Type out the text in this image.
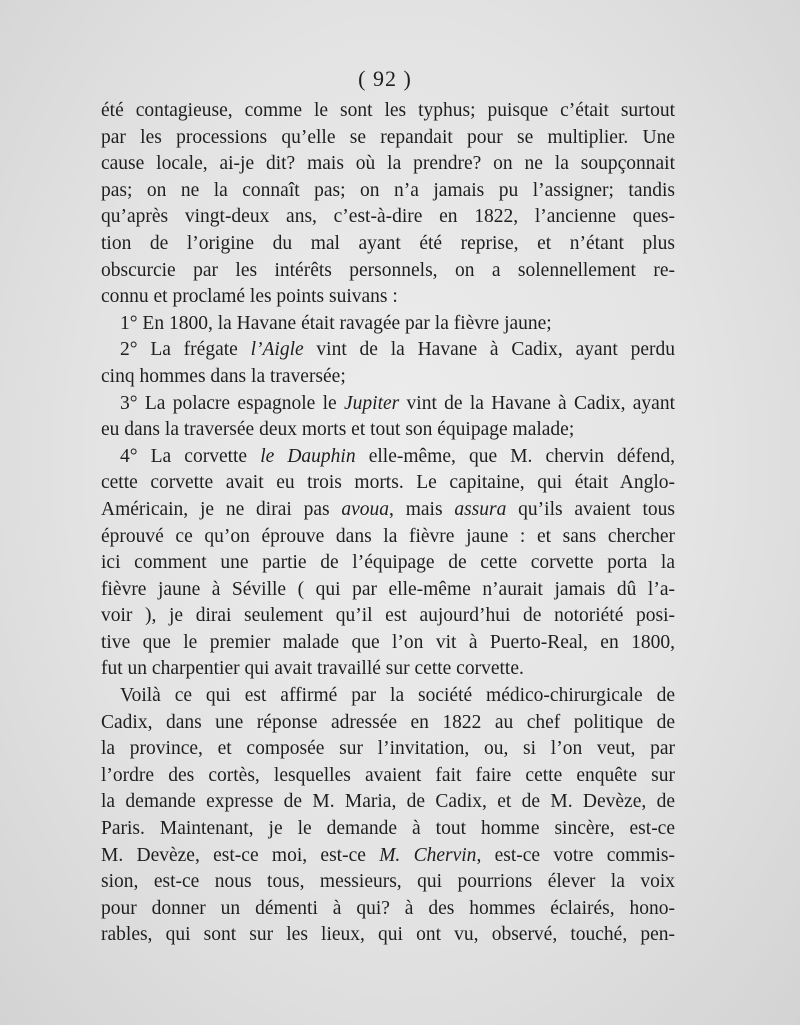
( 92 )
été contagieuse, comme le sont les typhus; puisque c’était surtout
par les processions qu’elle se repandait pour se multiplier. Une
cause locale, ai-je dit? mais où la prendre? on ne la soupçonnait
pas; on ne la connaît pas; on n’a jamais pu l’assigner; tandis
qu’après vingt-deux ans, c’est-à-dire en 1822, l’ancienne ques-
tion de l’origine du mal ayant été reprise, et n’étant plus
obscurcie par les intérêts personnels, on a solennellement re-
connu et proclamé les points suivans :
1° En 1800, la Havane était ravagée par la fièvre jaune;
2° La frégate l’Aigle vint de la Havane à Cadix, ayant perdu
cinq hommes dans la traversée;
3° La polacre espagnole le Jupiter vint de la Havane à Cadix, ayant
eu dans la traversée deux morts et tout son équipage malade;
4° La corvette le Dauphin elle-même, que M. chervin défend,
cette corvette avait eu trois morts. Le capitaine, qui était Anglo-
Américain, je ne dirai pas avoua, mais assura qu’ils avaient tous
éprouvé ce qu’on éprouve dans la fièvre jaune : et sans chercher
ici comment une partie de l’équipage de cette corvette porta la
fièvre jaune à Séville ( qui par elle-même n’aurait jamais dû l’a-
voir ), je dirai seulement qu’il est aujourd’hui de notoriété posi-
tive que le premier malade que l’on vit à Puerto-Real, en 1800,
fut un charpentier qui avait travaillé sur cette corvette.
Voilà ce qui est affirmé par la société médico-chirurgicale de
Cadix, dans une réponse adressée en 1822 au chef politique de
la province, et composée sur l’invitation, ou, si l’on veut, par
l’ordre des cortès, lesquelles avaient fait faire cette enquête sur
la demande expresse de M. Maria, de Cadix, et de M. Devèze, de
Paris. Maintenant, je le demande à tout homme sincère, est-ce
M. Devèze, est-ce moi, est-ce M. Chervin, est-ce votre commis-
sion, est-ce nous tous, messieurs, qui pourrions élever la voix
pour donner un démenti à qui? à des hommes éclairés, hono-
rables, qui sont sur les lieux, qui ont vu, observé, touché, pen-
